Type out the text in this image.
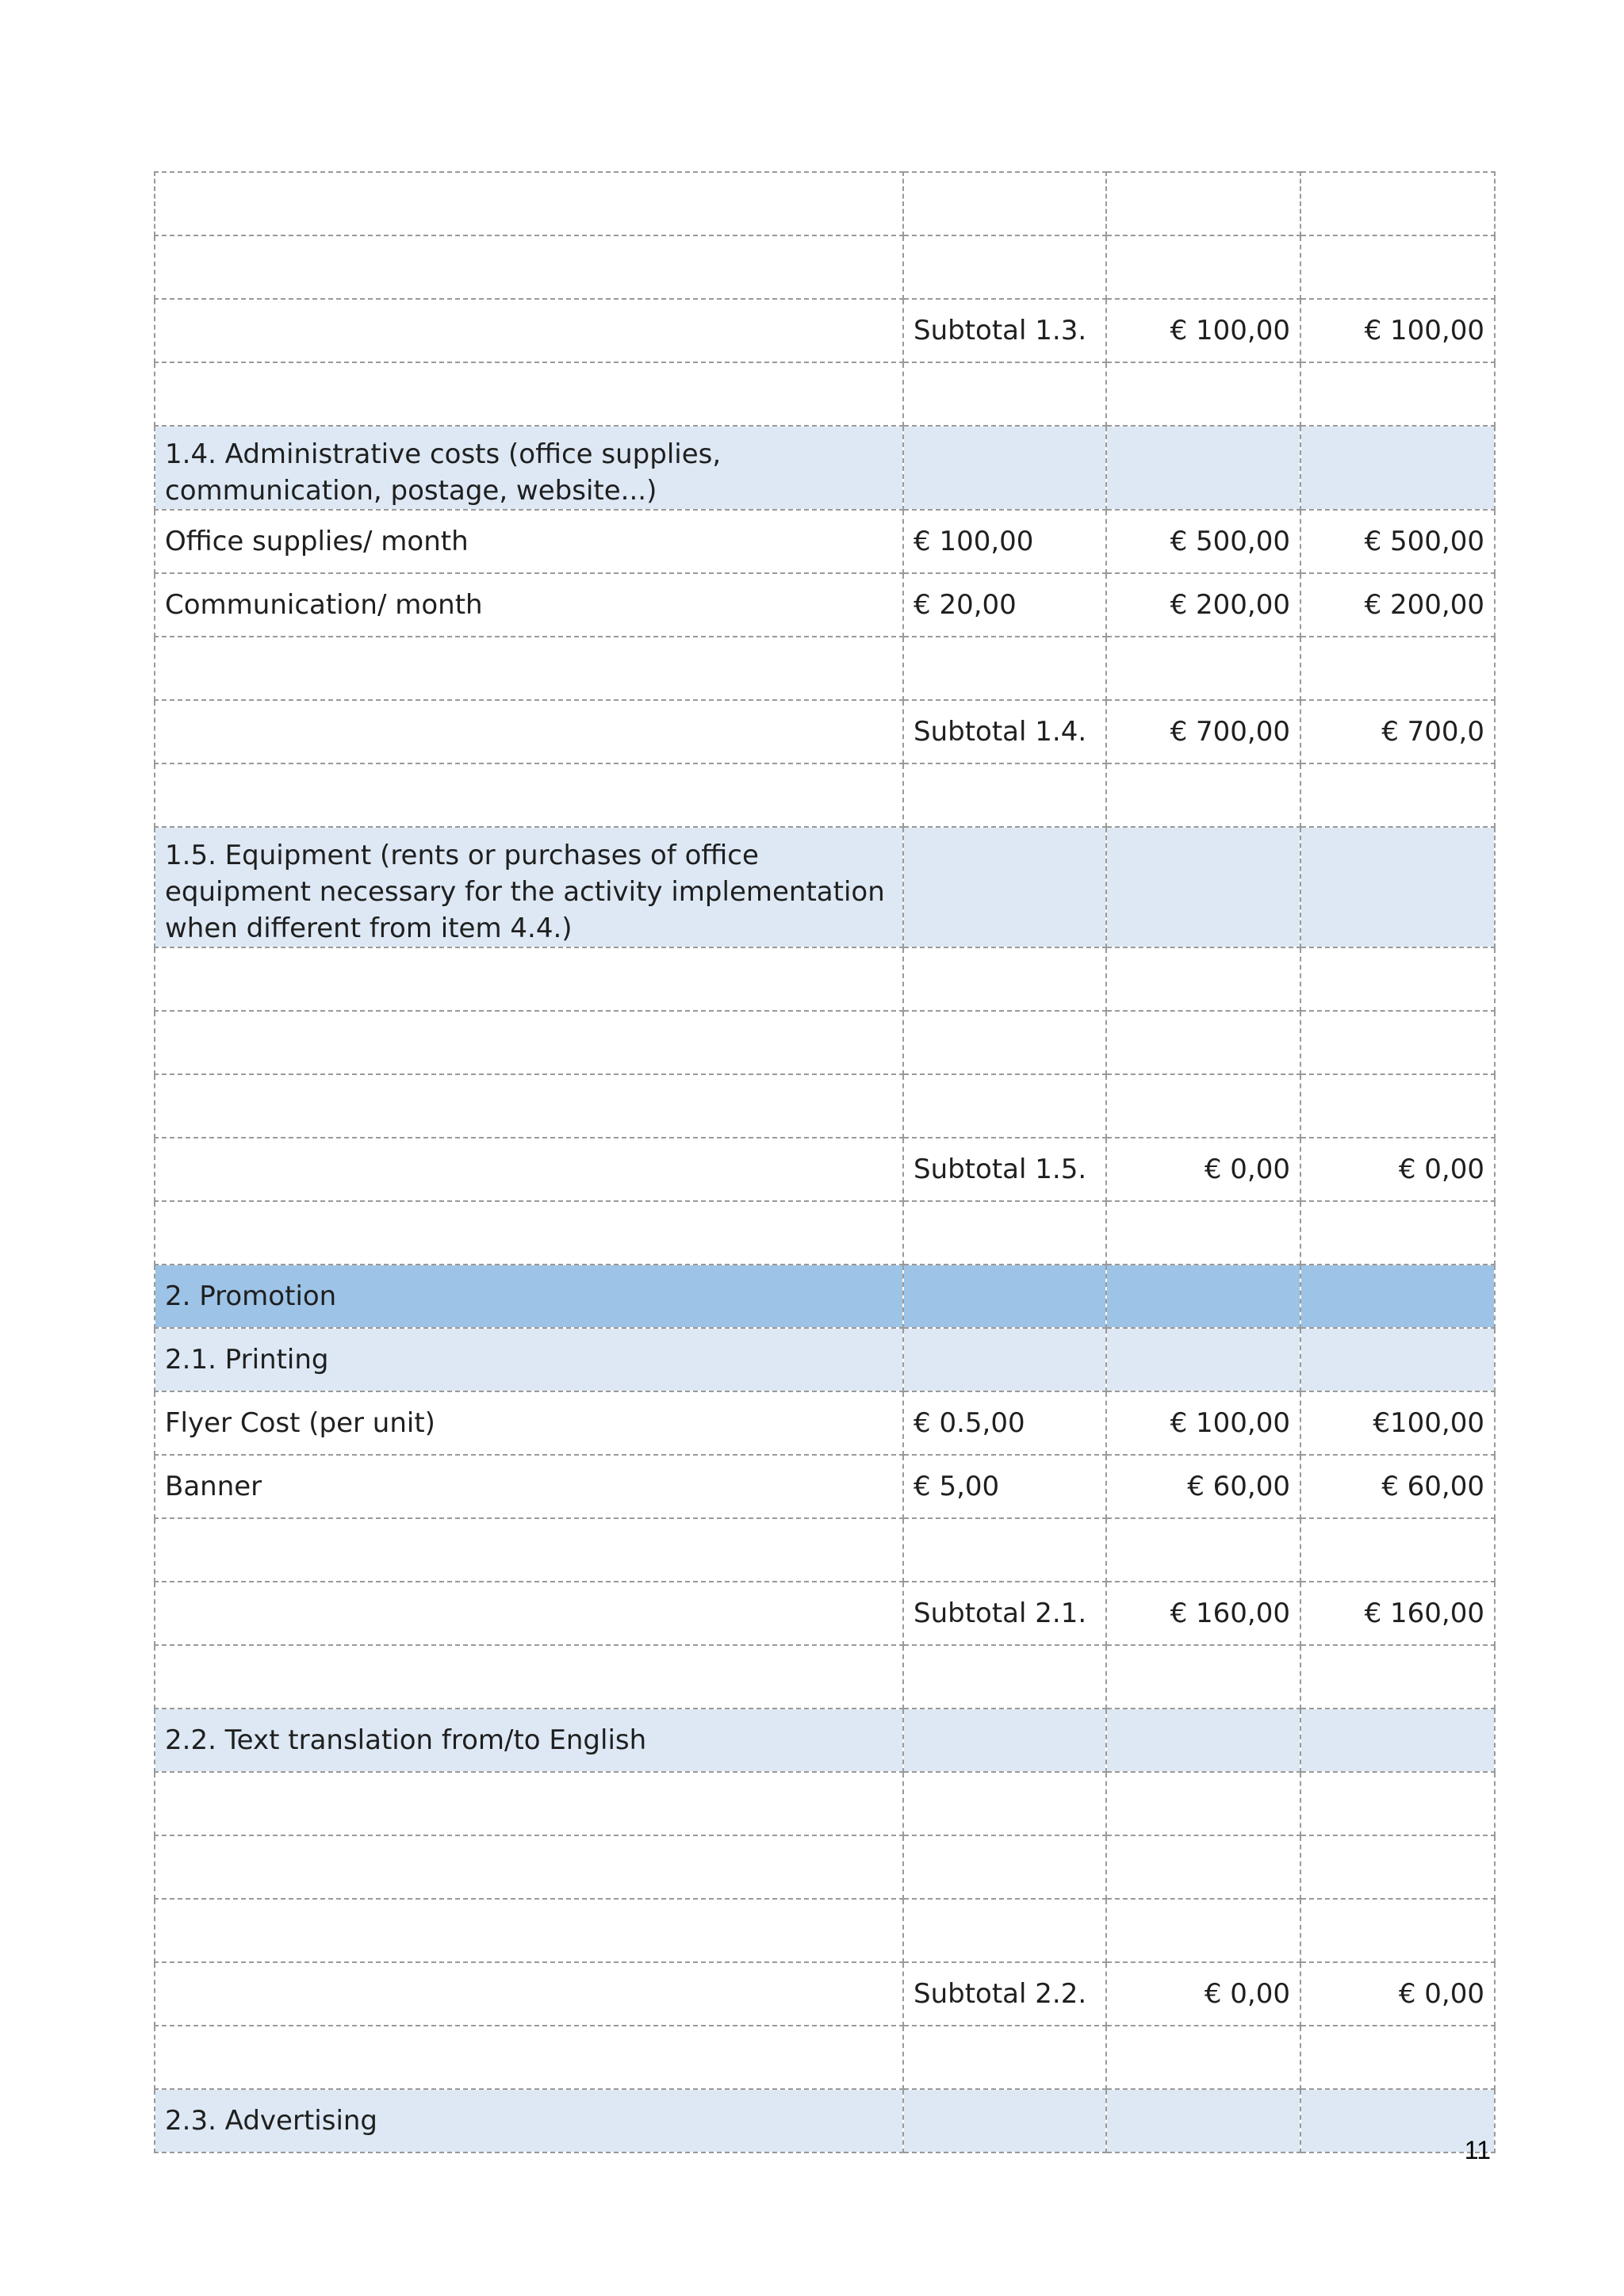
	Subtotal 1.3.	€ 100,00	€ 100,00

1.4. Administrative costs (office supplies, communication, postage, website...)			
Office supplies/ month	€ 100,00	€ 500,00	€ 500,00
Communication/ month	€ 20,00	€ 200,00	€ 200,00

	Subtotal 1.4.	€ 700,00	€ 700,0

1.5. Equipment (rents or purchases of office equipment necessary for the activity implementation when different from item 4.4.)			

	Subtotal 1.5.	€ 0,00	€ 0,00

2. Promotion			
2.1. Printing			
Flyer Cost (per unit)	€ 0.5,00	€ 100,00	€100,00
Banner	€ 5,00	€ 60,00	€ 60,00

	Subtotal 2.1.	€ 160,00	€ 160,00

2.2. Text translation from/to English			

	Subtotal 2.2.	€ 0,00	€ 0,00

2.3. Advertising			
11
